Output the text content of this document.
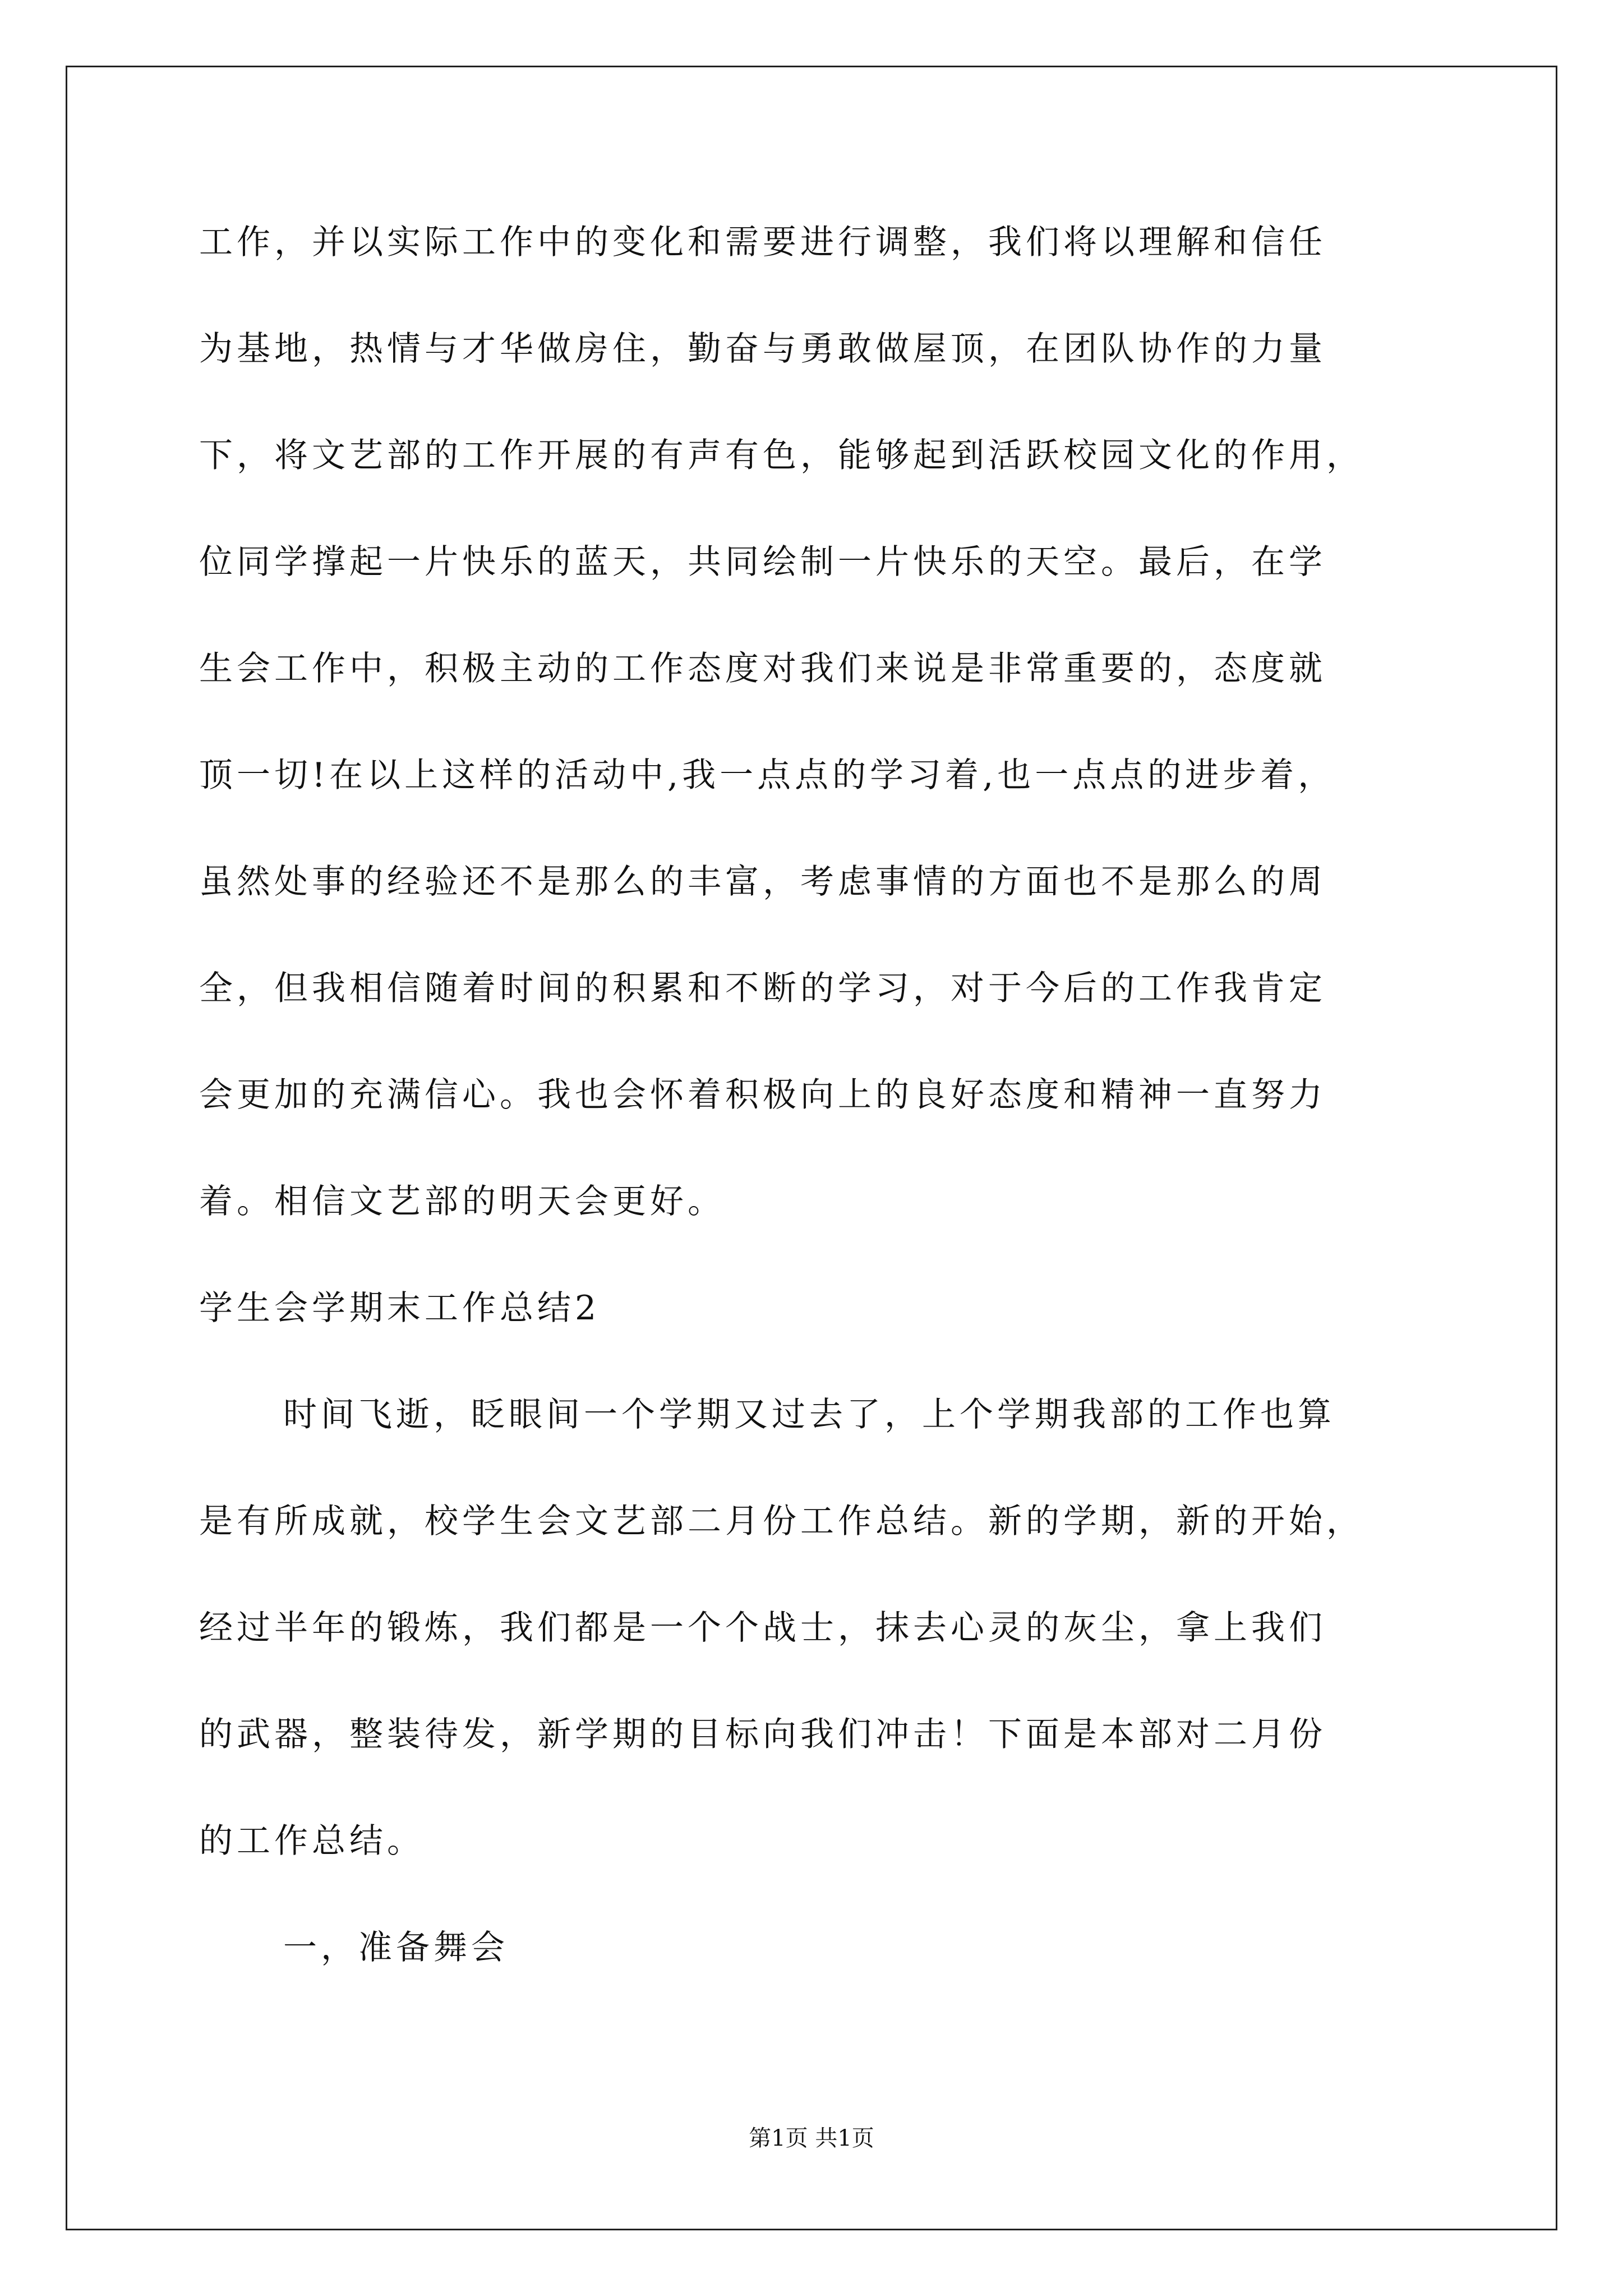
工作，并以实际工作中的变化和需要进行调整，我们将以理解和信任
为基地，热情与才华做房住，勤奋与勇敢做屋顶，在团队协作的力量
下，将文艺部的工作开展的有声有色，能够起到活跃校园文化的作用，
位同学撑起一片快乐的蓝天，共同绘制一片快乐的天空。最后，在学
生会工作中，积极主动的工作态度对我们来说是非常重要的，态度就
顶一切!在以上这样的活动中,我一点点的学习着,也一点点的进步着，
虽然处事的经验还不是那么的丰富，考虑事情的方面也不是那么的周
全，但我相信随着时间的积累和不断的学习，对于今后的工作我肯定
会更加的充满信心。我也会怀着积极向上的良好态度和精神一直努力
着。相信文艺部的明天会更好。
学生会学期末工作总结2
时间飞逝，眨眼间一个学期又过去了，上个学期我部的工作也算
是有所成就，校学生会文艺部二月份工作总结。新的学期，新的开始，
经过半年的锻炼，我们都是一个个战士，抹去心灵的灰尘，拿上我们
的武器，整装待发，新学期的目标向我们冲击！下面是本部对二月份
的工作总结。
一，准备舞会
第1页 共1页
